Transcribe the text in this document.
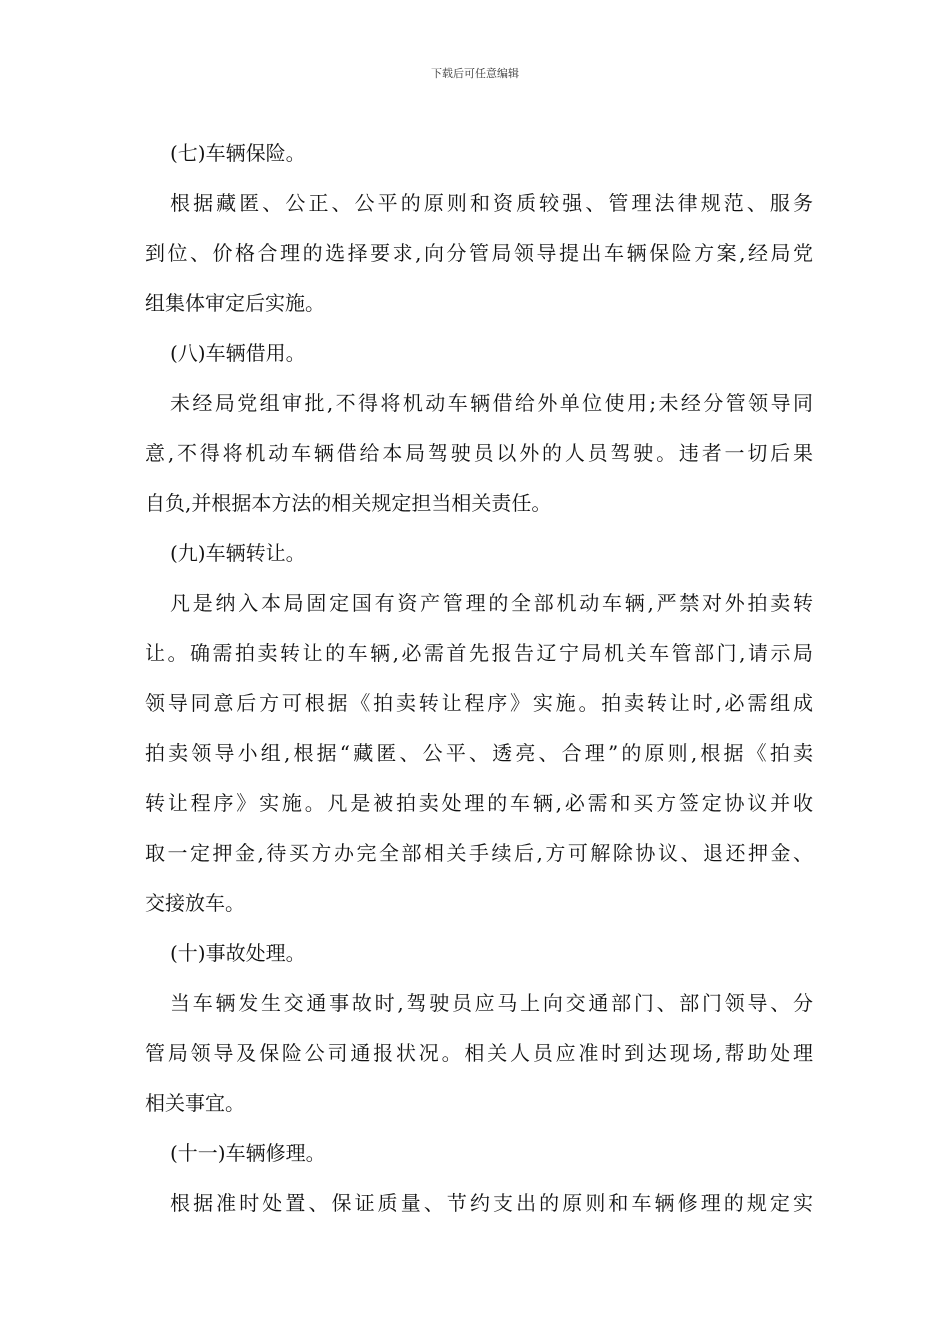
下载后可任意编辑

(七)车辆保险。

根据藏匿、公正、公平的原则和资质较强、管理法律规范、服务
到位、价格合理的选择要求,向分管局领导提出车辆保险方案,经局党
组集体审定后实施。

(八)车辆借用。

未经局党组审批,不得将机动车辆借给外单位使用;未经分管领导同
意,不得将机动车辆借给本局驾驶员以外的人员驾驶。违者一切后果
自负,并根据本方法的相关规定担当相关责任。

(九)车辆转让。

凡是纳入本局固定国有资产管理的全部机动车辆,严禁对外拍卖转
让。确需拍卖转让的车辆,必需首先报告辽宁局机关车管部门,请示局
领导同意后方可根据《拍卖转让程序》实施。拍卖转让时,必需组成
拍卖领导小组,根据“藏匿、公平、透亮、合理”的原则,根据《拍卖
转让程序》实施。凡是被拍卖处理的车辆,必需和买方签定协议并收
取一定押金,待买方办完全部相关手续后,方可解除协议、退还押金、
交接放车。

(十)事故处理。

当车辆发生交通事故时,驾驶员应马上向交通部门、部门领导、分
管局领导及保险公司通报状况。相关人员应准时到达现场,帮助处理
相关事宜。

(十一)车辆修理。

根据准时处置、保证质量、节约支出的原则和车辆修理的规定实
